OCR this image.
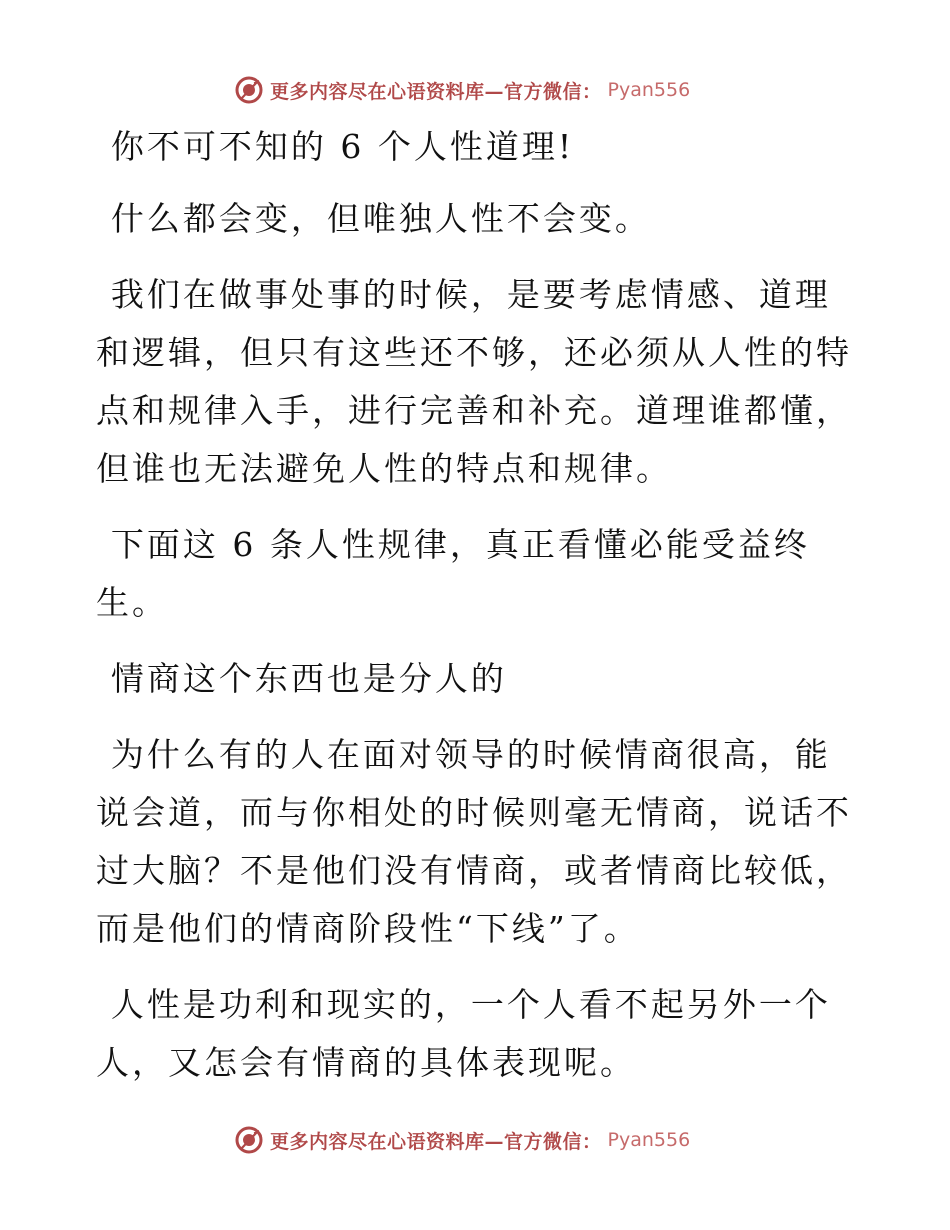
更多内容尽在心语资料库—官方微信： Pyan556

你不可不知的 6 个人性道理!

什么都会变，但唯独人性不会变。

我们在做事处事的时候，是要考虑情感、道理和逻辑，但只有这些还不够，还必须从人性的特点和规律入手，进行完善和补充。道理谁都懂，但谁也无法避免人性的特点和规律。

下面这 6 条人性规律，真正看懂必能受益终生。

情商这个东西也是分人的

为什么有的人在面对领导的时候情商很高，能说会道，而与你相处的时候则毫无情商，说话不过大脑？不是他们没有情商，或者情商比较低，而是他们的情商阶段性“下线”了。

人性是功利和现实的，一个人看不起另外一个人，又怎会有情商的具体表现呢。

更多内容尽在心语资料库—官方微信： Pyan556
